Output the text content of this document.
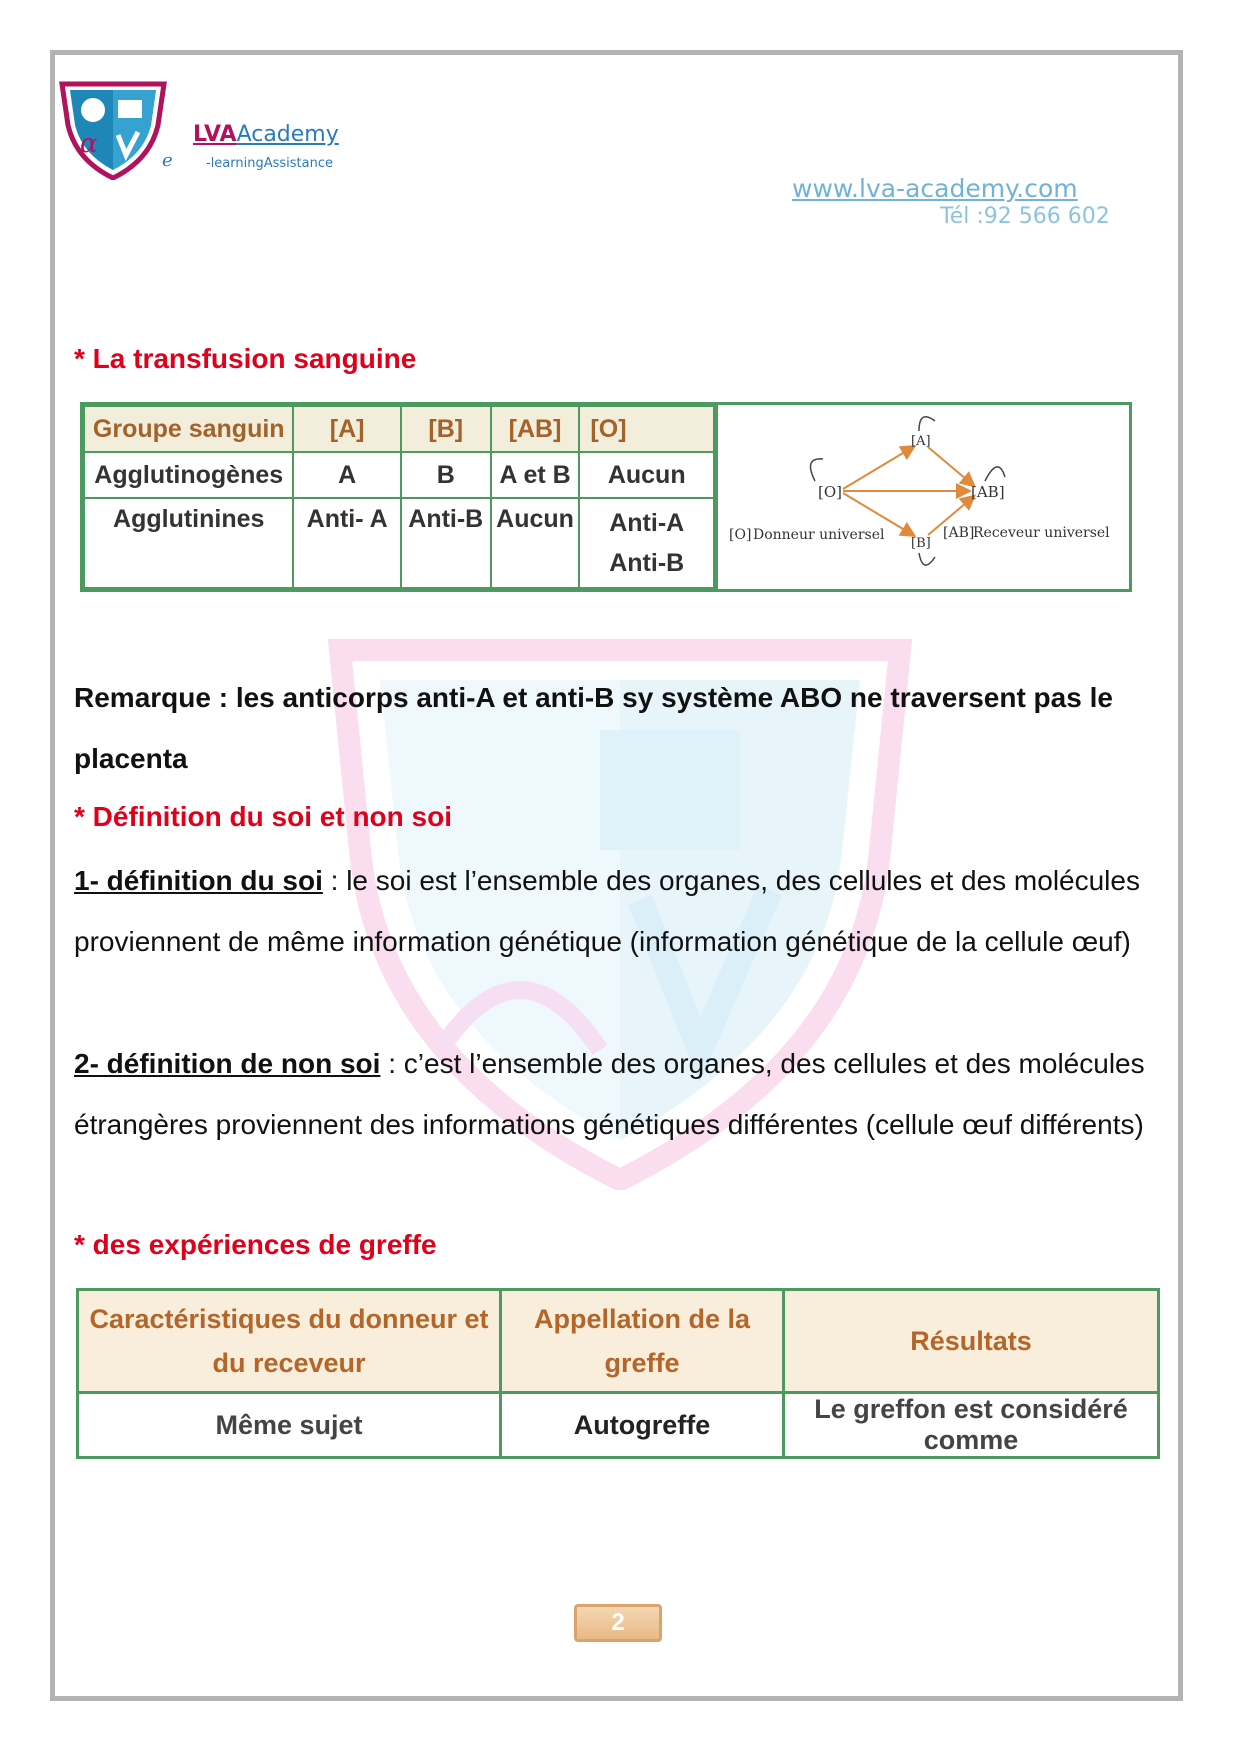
α	LVAAcademy
e	-learningAssistance
www.lva-academy.com
Tél :92 566 602
* La transfusion sanguine
Groupe sanguin	[A]	[B]	[AB]	[O]
Agglutinogènes	A	B	A et B	Aucun
Agglutinines	Anti- A	Anti-B	Aucun	Anti-A
Anti-B
[O]
[A]
[B]
[AB]
[O] Donneur universel	[AB]
Receveur universel
Remarque : les anticorps anti-A et anti-B sy système ABO ne traversent pas le placenta
* Définition du soi et non soi
1- définition du soi : le soi est l’ensemble des organes, des cellules et des molécules proviennent de même information génétique (information génétique de la cellule œuf)
2- définition de non soi : c’est l’ensemble des organes, des cellules et des molécules étrangères proviennent des informations génétiques différentes (cellule œuf différents)
* des expériences de greffe
Caractéristiques du donneur et du receveur	Appellation de la greffe	Résultats
Même sujet	Autogreffe	Le greffon est considéré comme
2
